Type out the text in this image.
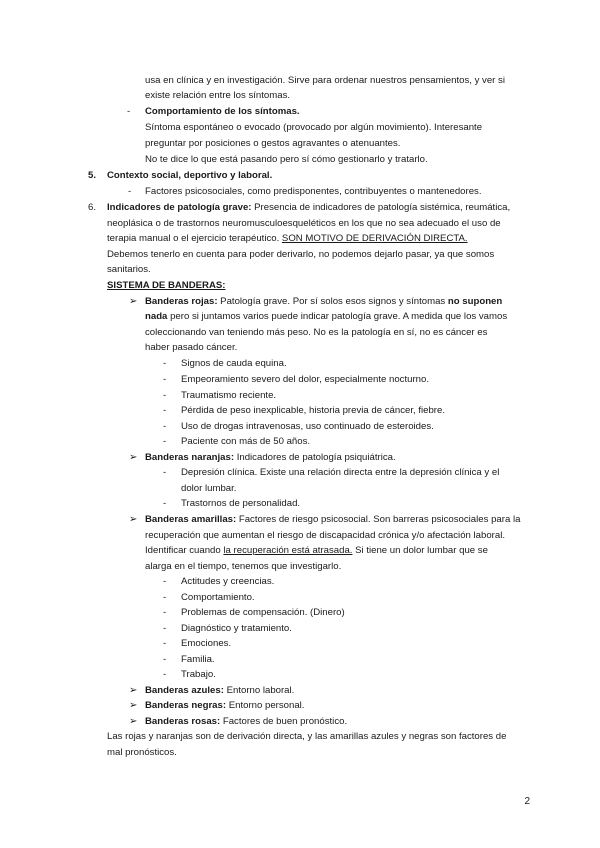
usa en clínica y en investigación. Sirve para ordenar nuestros pensamientos, y ver si
existe relación entre los síntomas.
- Comportamiento de los síntomas.
Síntoma espontáneo o evocado (provocado por algún movimiento). Interesante
preguntar por posiciones o gestos agravantes o atenuantes.
No te dice lo que está pasando pero sí cómo gestionarlo y tratarlo.
5. Contexto social, deportivo y laboral.
- Factores psicosociales, como predisponentes, contribuyentes o mantenedores.
6. Indicadores de patología grave: Presencia de indicadores de patología sistémica, reumática,
neoplásica o de trastornos neuromusculoesqueléticos en los que no sea adecuado el uso de
terapia manual o el ejercicio terapéutico. SON MOTIVO DE DERIVACIÓN DIRECTA.
Debemos tenerlo en cuenta para poder derivarlo, no podemos dejarlo pasar, ya que somos
sanitarios.
SISTEMA DE BANDERAS:
➢ Banderas rojas: Patología grave. Por sí solos esos signos y síntomas no suponen
nada pero si juntamos varios puede indicar patología grave. A medida que los vamos
coleccionando van teniendo más peso. No es la patología en sí, no es cáncer es
haber pasado cáncer.
- Signos de cauda equina.
- Empeoramiento severo del dolor, especialmente nocturno.
- Traumatismo reciente.
- Pérdida de peso inexplicable, historia previa de cáncer, fiebre.
- Uso de drogas intravenosas, uso continuado de esteroides.
- Paciente con más de 50 años.
➢ Banderas naranjas: Indicadores de patología psiquiátrica.
- Depresión clínica. Existe una relación directa entre la depresión clínica y el
dolor lumbar.
- Trastornos de personalidad.
➢ Banderas amarillas: Factores de riesgo psicosocial. Son barreras psicosociales para la
recuperación que aumentan el riesgo de discapacidad crónica y/o afectación laboral.
Identificar cuando la recuperación está atrasada. Si tiene un dolor lumbar que se
alarga en el tiempo, tenemos que investigarlo.
- Actitudes y creencias.
- Comportamiento.
- Problemas de compensación. (Dinero)
- Diagnóstico y tratamiento.
- Emociones.
- Familia.
- Trabajo.
➢ Banderas azules: Entorno laboral.
➢ Banderas negras: Entorno personal.
➢ Banderas rosas: Factores de buen pronóstico.
Las rojas y naranjas son de derivación directa, y las amarillas azules y negras son factores de
mal pronósticos.
2
